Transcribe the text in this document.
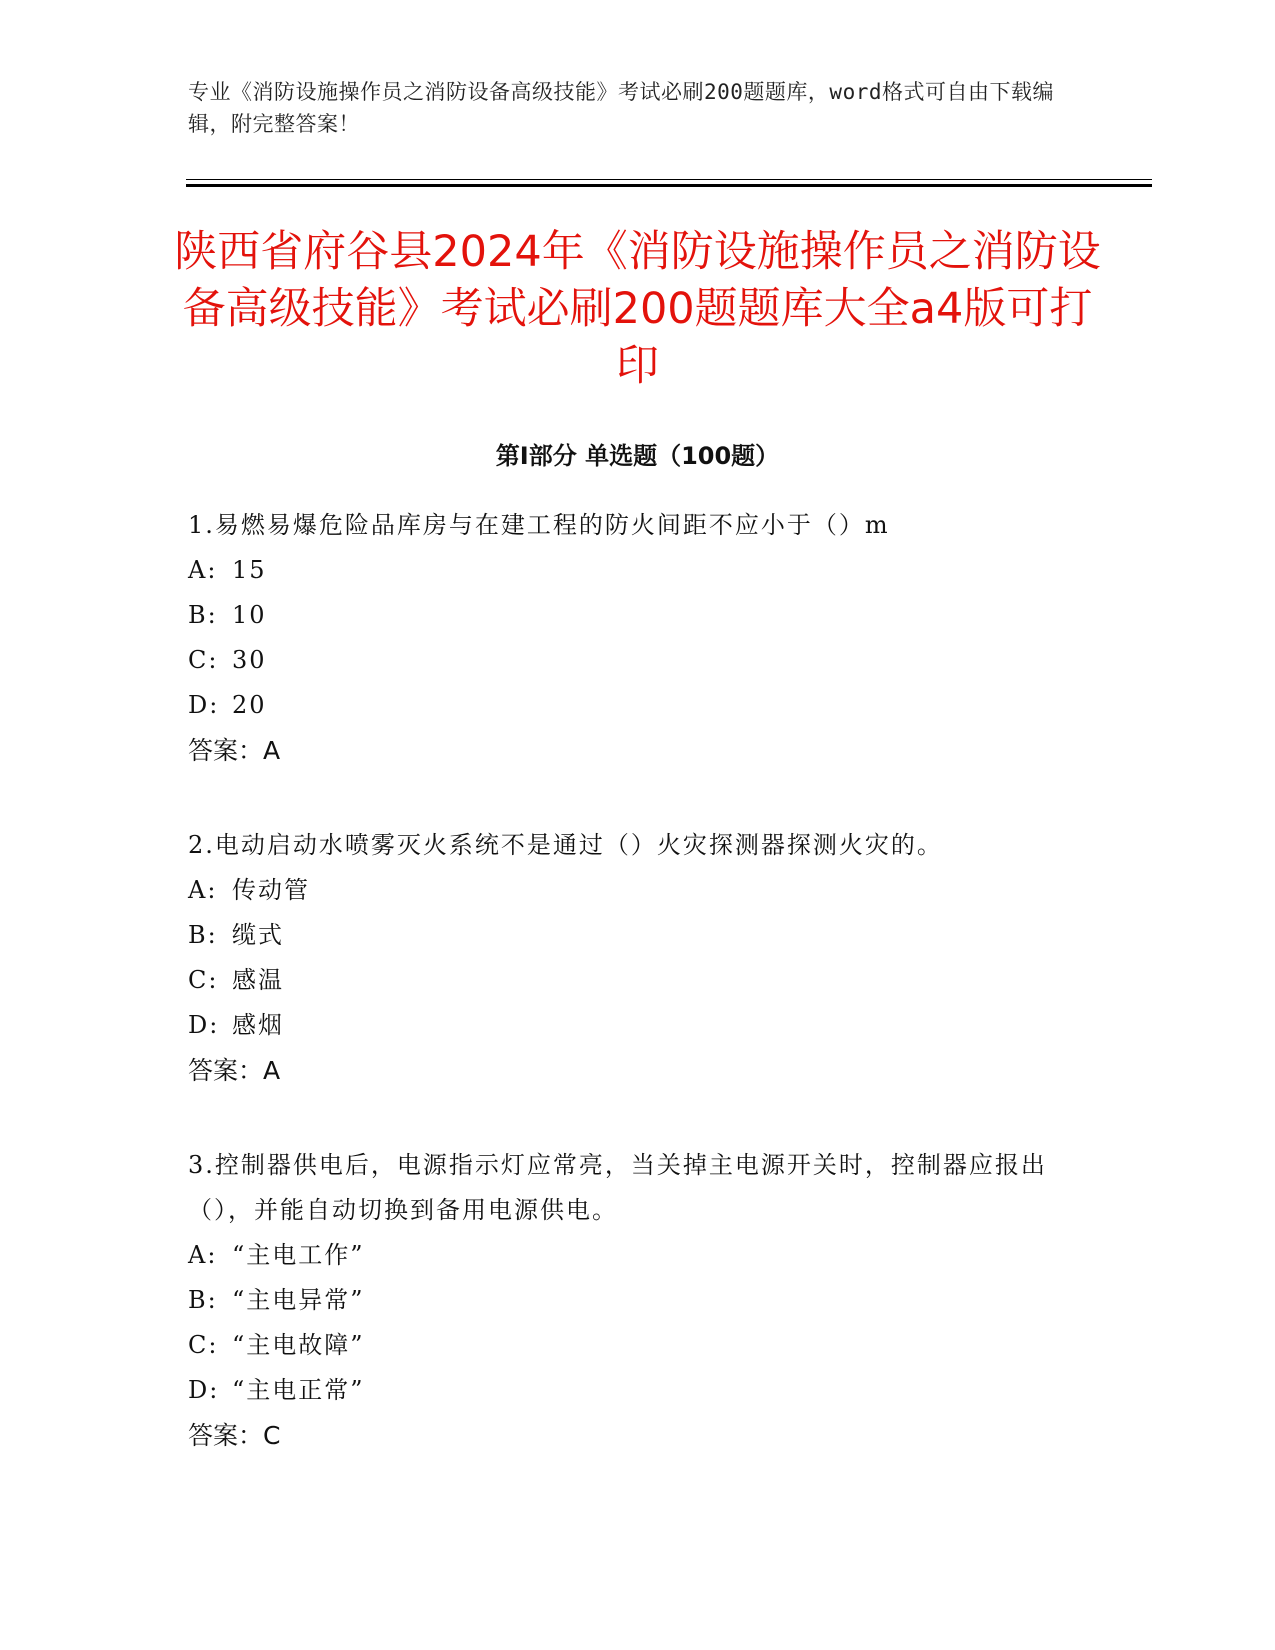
专业《消防设施操作员之消防设备高级技能》考试必刷200题题库，word格式可自由下载编辑，附完整答案！

陕西省府谷县2024年《消防设施操作员之消防设备高级技能》考试必刷200题题库大全a4版可打印
第I部分 单选题（100题）

1.易燃易爆危险品库房与在建工程的防火间距不应小于（）m

A: 15

B: 10

C: 30

D: 20

答案：A

2.电动启动水喷雾灭火系统不是通过（）火灾探测器探测火灾的。

A: 传动管

B: 缆式

C: 感温

D: 感烟

答案：A

3.控制器供电后，电源指示灯应常亮，当关掉主电源开关时，控制器应报出（），并能自动切换到备用电源供电。

A: “主电工作”

B: “主电异常”

C: “主电故障”

D: “主电正常”

答案：C
